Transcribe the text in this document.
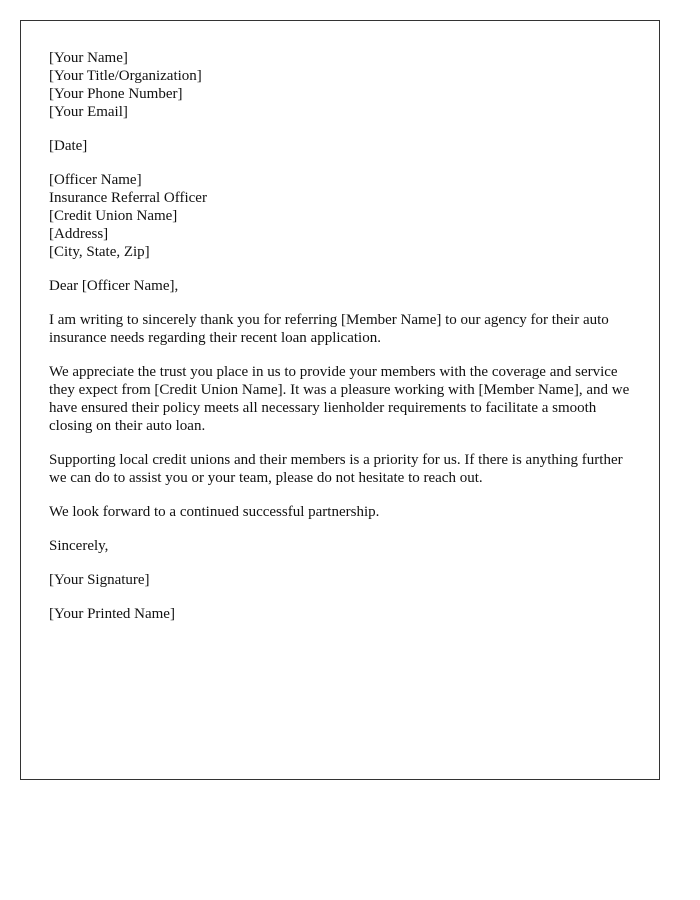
[Your Name]
[Your Title/Organization]
[Your Phone Number]
[Your Email]
[Date]
[Officer Name]
Insurance Referral Officer
[Credit Union Name]
[Address]
[City, State, Zip]

Dear [Officer Name],

I am writing to sincerely thank you for referring [Member Name] to our agency for their auto insurance needs regarding their recent loan application.

We appreciate the trust you place in us to provide your members with the coverage and service they expect from [Credit Union Name]. It was a pleasure working with [Member Name], and we have ensured their policy meets all necessary lienholder requirements to facilitate a smooth closing on their auto loan.

Supporting local credit unions and their members is a priority for us. If there is anything further we can do to assist you or your team, please do not hesitate to reach out.

We look forward to a continued successful partnership.

Sincerely,

[Your Signature]

[Your Printed Name]
